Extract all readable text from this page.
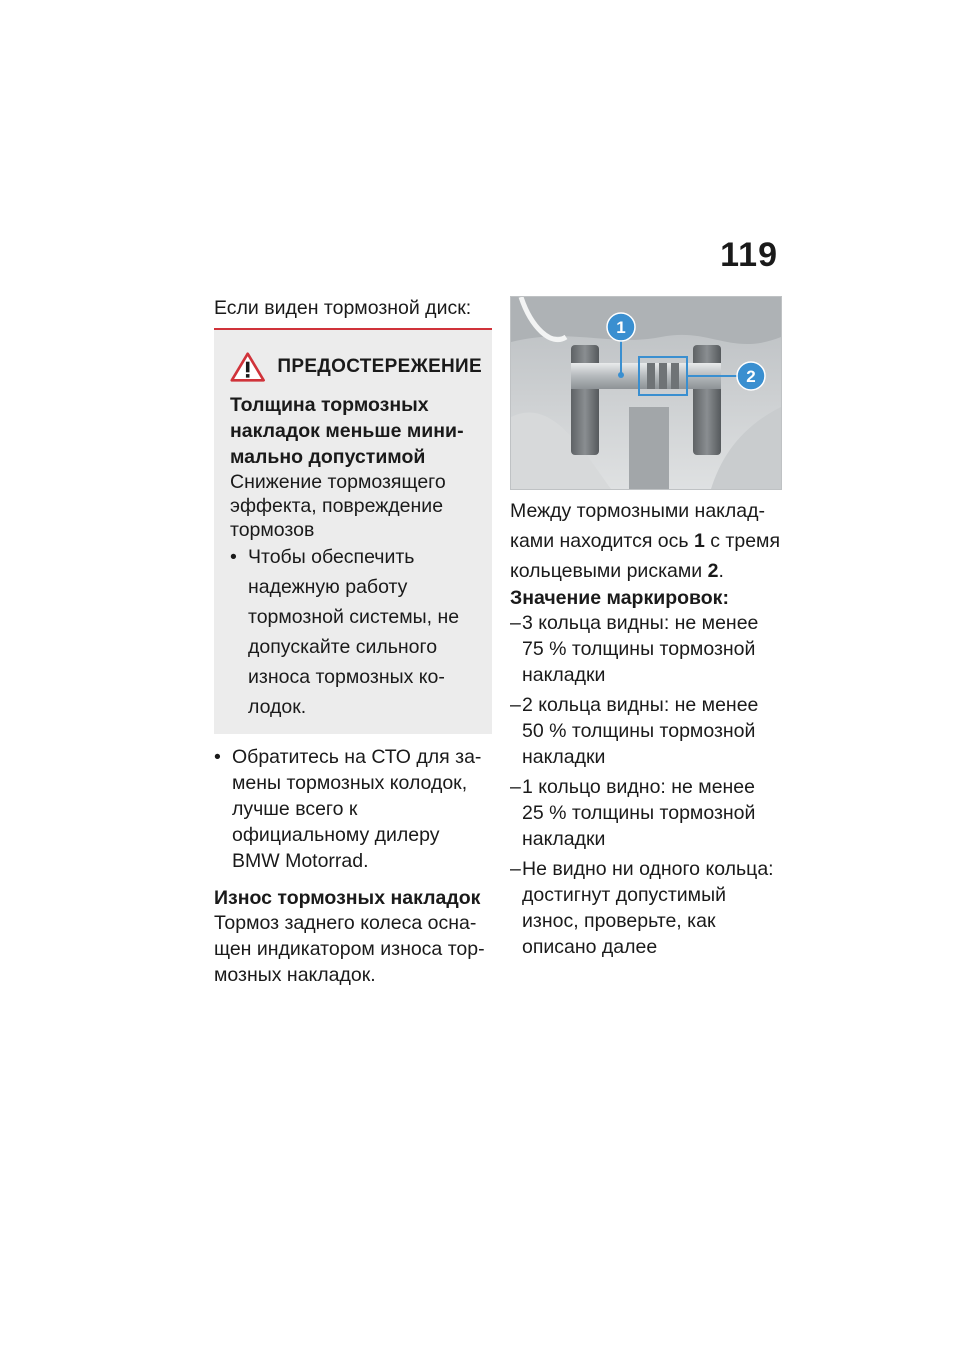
119

Если виден тормозной диск:

ПРЕДОСТЕРЕЖЕНИЕ

Толщина тормозных накладок меньше минимально допустимой

Снижение тормозящего эффекта, повреждение тормозов

• Чтобы обеспечить надежную работу тормозной системы, не допускайте сильного износа тормозных колодок.
• Обратитесь на СТО для замены тормозных колодок, лучше всего к официальному дилеру BMW Motorrad.

Износ тормозных накладок

Тормоз заднего колеса оснащен индикатором износа тормозных накладок.

1
2

Между тормозными накладками находится ось 1 с тремя кольцевыми рисками 2.

Значение маркировок:

– 3 кольца видны: не менее 75 % толщины тормозной накладки
– 2 кольца видны: не менее 50 % толщины тормозной накладки
– 1 кольцо видно: не менее 25 % толщины тормозной накладки
– Не видно ни одного кольца: достигнут допустимый износ, проверьте, как описано далее
